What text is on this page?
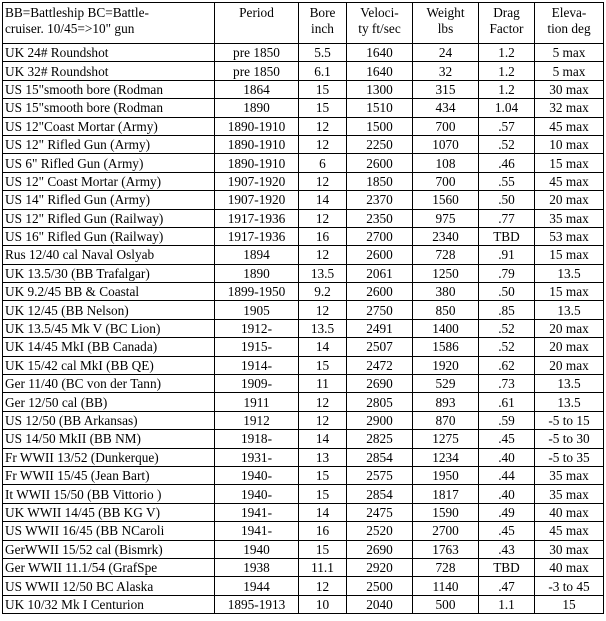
BB=Battleship BC=Battle-
cruiser. 10/45=>10" gun	Period	Bore
inch	Veloci-
ty ft/sec	Weight
lbs	Drag
Factor	Eleva-
tion deg

UK 24# Roundshot	pre 1850	5.5	1640	24	1.2	5 max
UK 32# Roundshot	pre 1850	6.1	1640	32	1.2	5 max
US 15"smooth bore (Rodman	1864	15	1300	315	1.2	30 max
US 15"smooth bore (Rodman	1890	15	1510	434	1.04	32 max
US 12"Coast Mortar (Army)	1890-1910	12	1500	700	.57	45 max
US 12" Rifled Gun (Army)	1890-1910	12	2250	1070	.52	10 max
US 6" Rifled Gun (Army)	1890-1910	6	2600	108	.46	15 max
US 12" Coast Mortar (Army)	1907-1920	12	1850	700	.55	45 max
US 14" Rifled Gun (Army)	1907-1920	14	2370	1560	.50	20 max
US 12" Rifled Gun (Railway)	1917-1936	12	2350	975	.77	35 max
US 16" Rifled Gun (Railway)	1917-1936	16	2700	2340	TBD	53 max
Rus 12/40 cal Naval Oslyab	1894	12	2600	728	.91	15 max
UK 13.5/30 (BB Trafalgar)	1890	13.5	2061	1250	.79	13.5
UK 9.2/45 BB & Coastal	1899-1950	9.2	2600	380	.50	15 max
UK 12/45 (BB Nelson)	1905	12	2750	850	.85	13.5
UK 13.5/45 Mk V (BC Lion)	1912-	13.5	2491	1400	.52	20 max
UK 14/45 MkI (BB Canada)	1915-	14	2507	1586	.52	20 max
UK 15/42 cal MkI (BB QE)	1914-	15	2472	1920	.62	20 max
Ger 11/40 (BC von der Tann)	1909-	11	2690	529	.73	13.5
Ger 12/50 cal (BB)	1911	12	2805	893	.61	13.5
US 12/50 (BB Arkansas)	1912	12	2900	870	.59	-5 to 15
US 14/50 MkII (BB NM)	1918-	14	2825	1275	.45	-5 to 30
Fr WWII 13/52 (Dunkerque)	1931-	13	2854	1234	.40	-5 to 35
Fr WWII 15/45 (Jean Bart)	1940-	15	2575	1950	.44	35 max
It WWII 15/50 (BB Vittorio )	1940-	15	2854	1817	.40	35 max
UK WWII 14/45 (BB KG V)	1941-	14	2475	1590	.49	40 max
US WWII 16/45 (BB NCaroli	1941-	16	2520	2700	.45	45 max
GerWWII 15/52 cal (Bismrk)	1940	15	2690	1763	.43	30 max
Ger WWII 11.1/54 (GrafSpe	1938	11.1	2920	728	TBD	40 max
US WWII 12/50 BC Alaska	1944	12	2500	1140	.47	-3 to 45
UK 10/32 Mk I Centurion	1895-1913	10	2040	500	1.1	15
